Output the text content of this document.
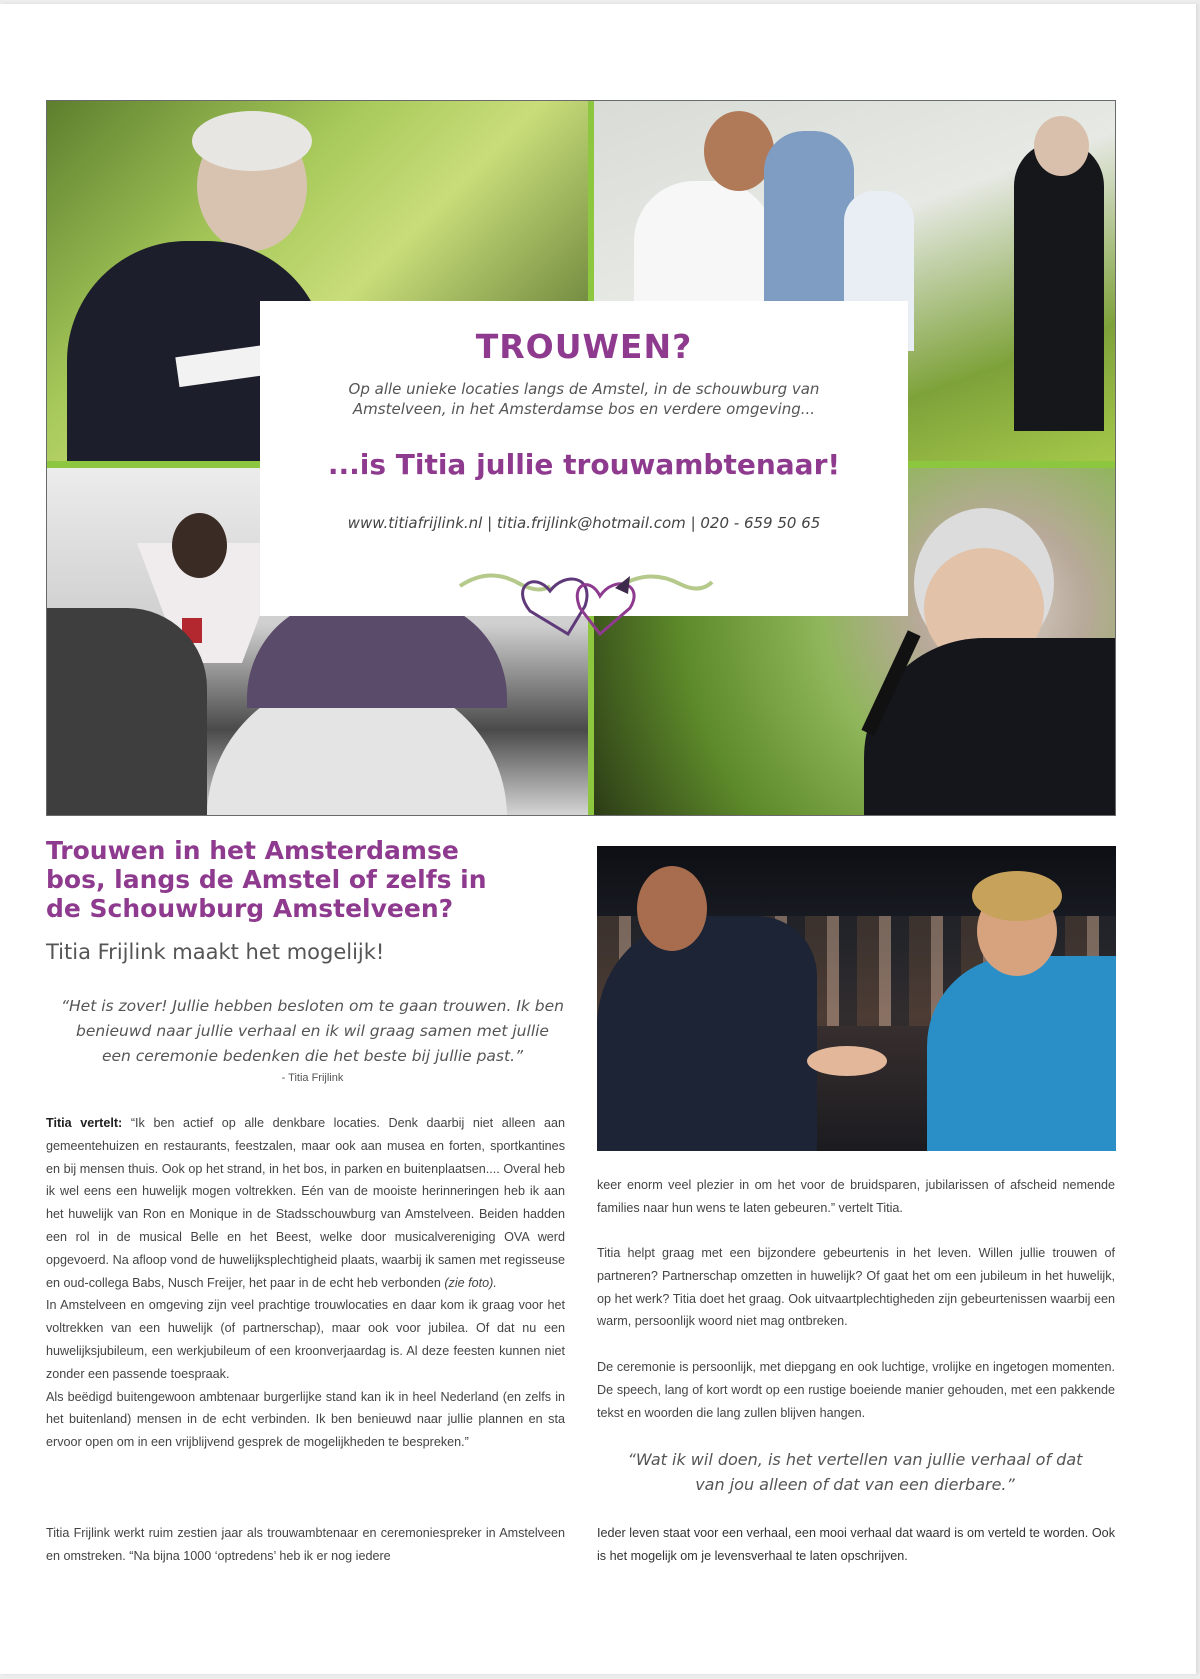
TROUWEN?
Op alle unieke locaties langs de Amstel, in de schouwburg van Amstelveen, in het Amsterdamse bos en verdere omgeving...
...is Titia jullie trouwambtenaar!
www.titiafrijlink.nl | titia.frijlink@hotmail.com | 020 - 659 50 65
Trouwen in het Amsterdamse bos, langs de Amstel of zelfs in de Schouwburg Amstelveen?
Titia Frijlink maakt het mogelijk!
“Het is zover! Jullie hebben besloten om te gaan trouwen. Ik ben benieuwd naar jullie verhaal en ik wil graag samen met jullie een ceremonie bedenken die het beste bij jullie past.”
- Titia Frijlink

Titia vertelt: “Ik ben actief op alle denkbare locaties. Denk daarbij niet alleen aan gemeentehuizen en restaurants, feestzalen, maar ook aan musea en forten, sportkantines en bij mensen thuis. Ook op het strand, in het bos, in parken en buitenplaatsen.... Overal heb ik wel eens een huwelijk mogen voltrekken. Eén van de mooiste herinneringen heb ik aan het huwelijk van Ron en Monique in de Stadsschouwburg van Amstelveen. Beiden hadden een rol in de musical Belle en het Beest, welke door musicalvereniging OVA werd opgevoerd. Na afloop vond de huwelijksplechtigheid plaats, waarbij ik samen met regisseuse en oud-collega Babs, Nusch Freijer, het paar in de echt heb verbonden (zie foto).

In Amstelveen en omgeving zijn veel prachtige trouwlocaties en daar kom ik graag voor het voltrekken van een huwelijk (of partnerschap), maar ook voor jubilea. Of dat nu een huwelijksjubileum, een werkjubileum of een kroonverjaardag is. Al deze feesten kunnen niet zonder een passende toespraak.

Als beëdigd buitengewoon ambtenaar burgerlijke stand kan ik in heel Nederland (en zelfs in het buitenland) mensen in de echt verbinden. Ik ben benieuwd naar jullie plannen en sta ervoor open om in een vrijblijvend gesprek de mogelijkheden te bespreken.”

Titia Frijlink werkt ruim zestien jaar als trouwambtenaar en ceremoniespreker in Amstelveen en omstreken. “Na bijna 1000 ‘optredens’ heb ik er nog iedere
keer enorm veel plezier in om het voor de bruidsparen, jubilarissen of afscheid nemende families naar hun wens te laten gebeuren.” vertelt Titia.
Titia helpt graag met een bijzondere gebeurtenis in het leven. Willen jullie trouwen of partneren? Partnerschap omzetten in huwelijk? Of gaat het om een jubileum in het huwelijk, op het werk? Titia doet het graag. Ook uitvaartplechtigheden zijn gebeurtenissen waarbij een warm, persoonlijk woord niet mag ontbreken.
De ceremonie is persoonlijk, met diepgang en ook luchtige, vrolijke en ingetogen momenten. De speech, lang of kort wordt op een rustige boeiende manier gehouden, met een pakkende tekst en woorden die lang zullen blijven hangen.
“Wat ik wil doen, is het vertellen van jullie verhaal of dat van jou alleen of dat van een dierbare.”
Ieder leven staat voor een verhaal, een mooi verhaal dat waard is om verteld te worden. Ook is het mogelijk om je levensverhaal te laten opschrijven.
